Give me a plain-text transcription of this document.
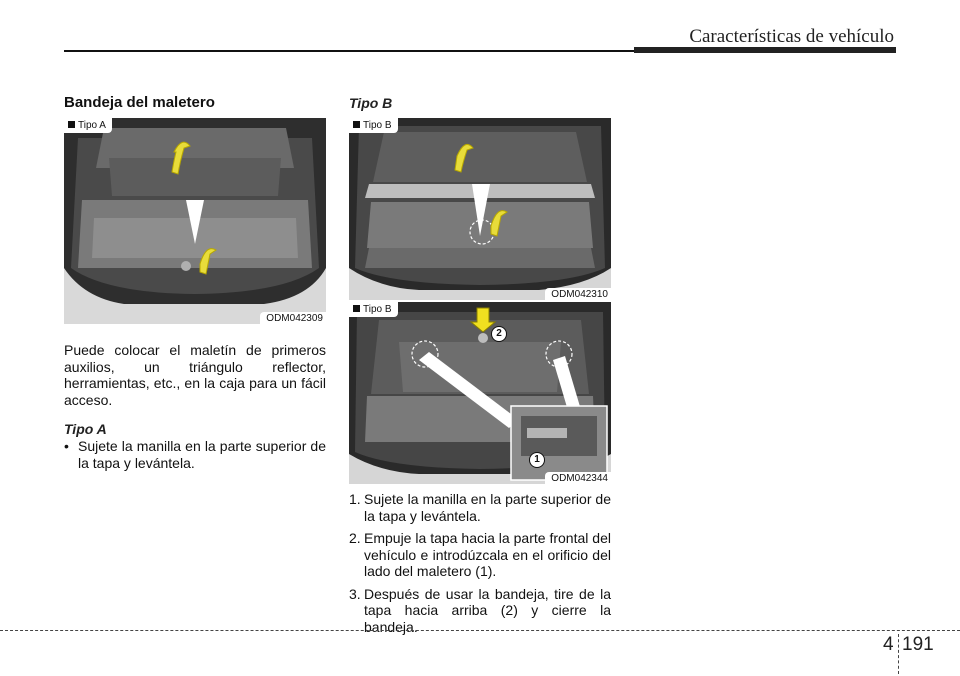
Características de vehículo
Bandeja del maletero
Tipo A
ODM042309
Puede colocar el maletín de primeros auxilios, un triángulo reflector, herramientas, etc., en la caja para un fácil acceso.
Tipo A
• Sujete la manilla en la parte superior de la tapa y levántela.
Tipo B
Tipo B
ODM042310
Tipo B
2
1
ODM042344
1. Sujete la manilla en la parte superior de la tapa y levántela.
2. Empuje la tapa hacia la parte frontal del vehículo e introdúzcala en el orificio del lado del maletero (1).
3. Después de usar la bandeja, tire de la tapa hacia arriba (2) y cierre la bandeja.
4 191
